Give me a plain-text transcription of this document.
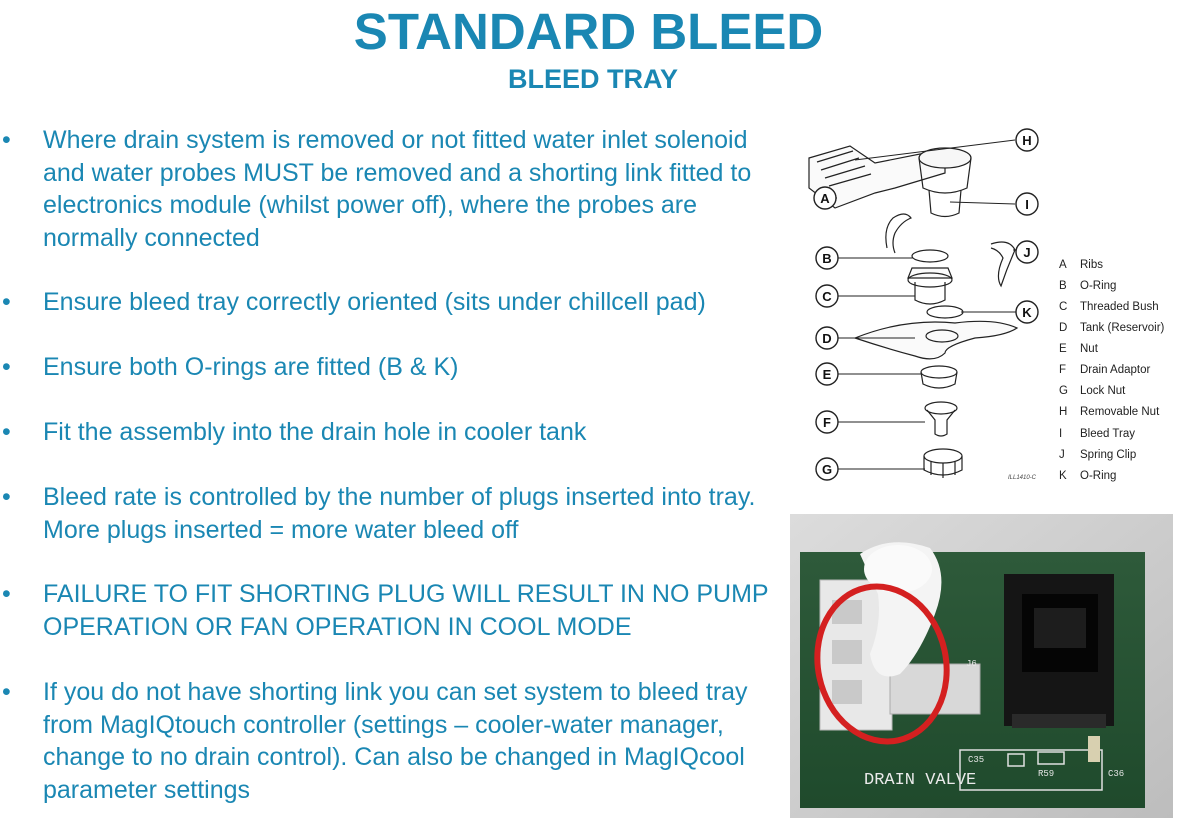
STANDARD BLEED
BLEED TRAY
• Where drain system is removed or not fitted water inlet solenoid and water probes MUST be removed and a shorting link fitted to electronics module (whilst power off), where the probes are normally connected
• Ensure bleed tray correctly oriented (sits under chillcell pad)
• Ensure both O-rings are fitted (B & K)
• Fit the assembly into the drain hole in cooler tank
• Bleed rate is controlled by the number of plugs inserted into tray. More plugs inserted = more water bleed off
• FAILURE TO FIT SHORTING PLUG WILL RESULT IN NO PUMP OPERATION OR FAN OPERATION IN COOL MODE
• If you do not have shorting link you can set system to bleed tray from MagIQtouch controller (settings – cooler-water manager, change to no drain control). Can also be changed in MagIQcool parameter settings
H
A	I
B	J
C
K
D
E
F
G
ILL1410-C
A Ribs
B O-Ring
C Threaded Bush
D Tank (Reservoir)
E Nut
F Drain Adaptor
G Lock Nut
H Removable Nut
I Bleed Tray
J Spring Clip
K O-Ring
DRAIN VALVE
J6
C35
R59	C36
